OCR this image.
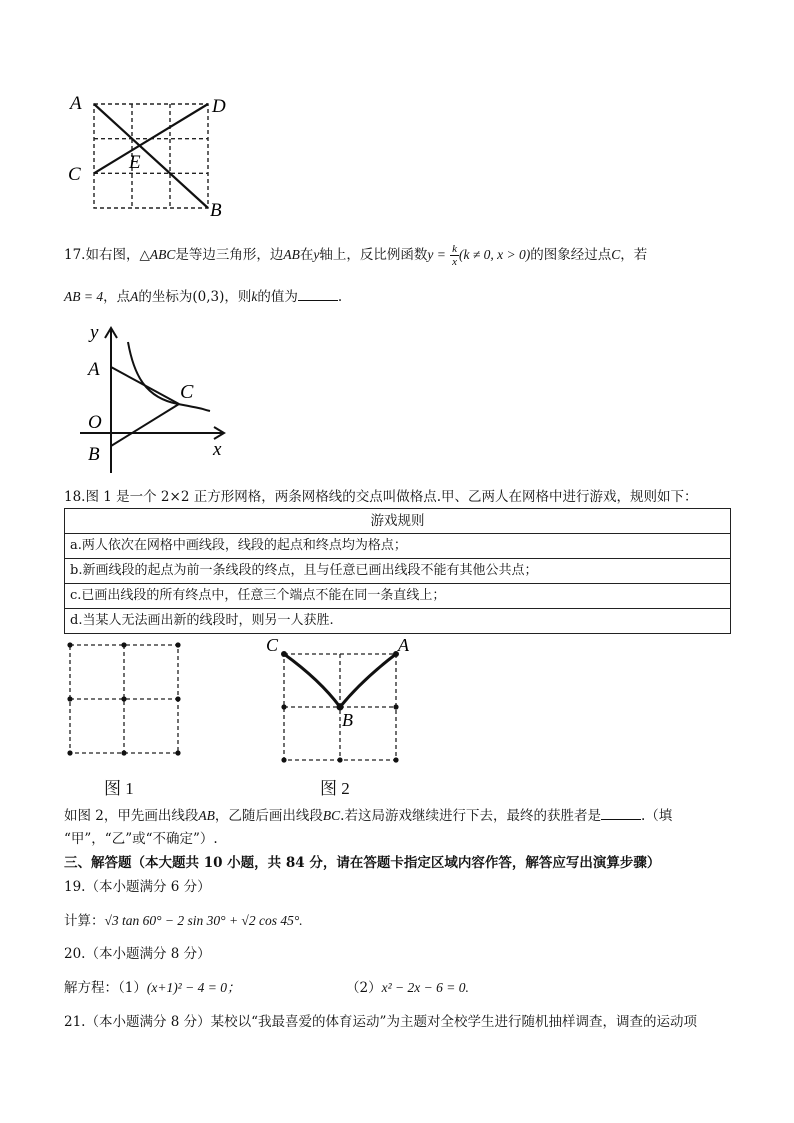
A	D
C
E
B
17.如右图，△ABC是等边三角形，边AB在y轴上，反比例函数$y = \frac{k}{x} (k \ne 0$, x > 0)的图象经过点C，若
AB = 4，点A的坐标为(0,3)，则k的值为	.
y
A
C
O
B	x
18.图 1 是一个 2×2 正方形网格，两条网格线的交点叫做格点.甲、乙两人在网格中进行游戏，规则如下：
游戏规则
a.两人依次在网格中画线段，线段的起点和终点均为格点；
b.新画线段的起点为前一条线段的终点，且与任意已画出线段不能有其他公共点；
c.已画出线段的所有终点中，任意三个端点不能在同一条直线上；
d.当某人无法画出新的线段时，则另一人获胜.
图 1
C	A
B
图 2
如图 2，甲先画出线段AB，乙随后画出线段BC.若这局游戏继续进行下去，最终的获胜者是	.（填
“甲”，“乙”或“不确定”）.
三、解答题（本大题共 10 小题，共 84 分，请在答题卡指定区域内容作答，解答应写出演算步骤）
19.（本小题满分 6 分）
计算：√3 tan 60° − 2 sin 30° + √2 cos 45°.
20.（本小题满分 8 分）
解方程：（1）(x+1)² − 4 = 0；	（2）x² − 2x − 6 = 0.
21.（本小题满分 8 分）某校以“我最喜爱的体育运动”为主题对全校学生进行随机抽样调查，调查的运动项
